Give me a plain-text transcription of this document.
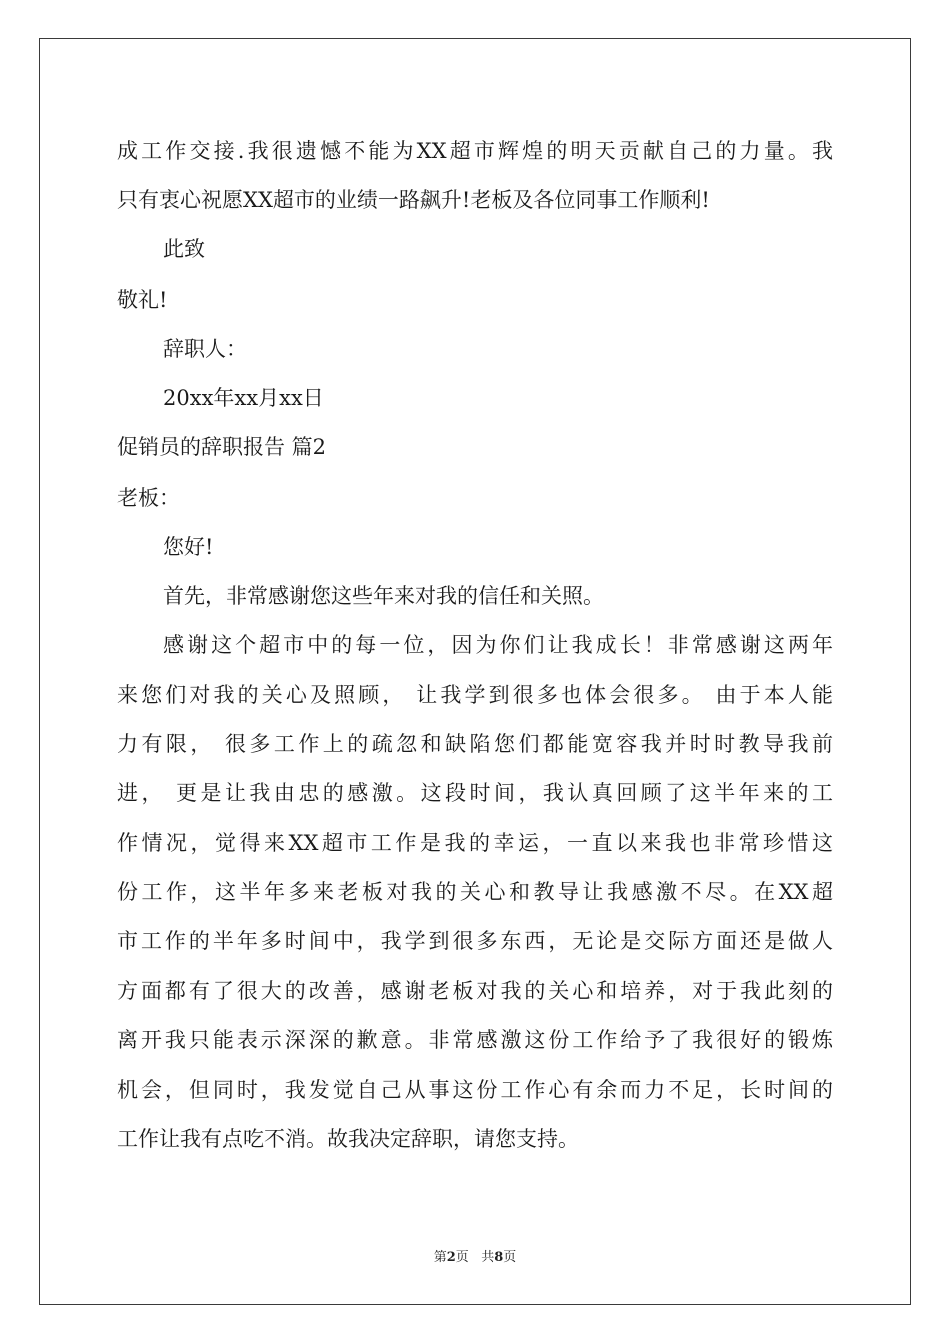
成工作交接.我很遗憾不能为XX超市辉煌的明天贡献自己的力量。我

只有衷心祝愿XX超市的业绩一路飙升!老板及各位同事工作顺利!

此致

敬礼!

辞职人：

20xx年xx月xx日

促销员的辞职报告 篇2

老板：

您好!

首先，非常感谢您这些年来对我的信任和关照。

感谢这个超市中的每一位，因为你们让我成长！非常感谢这两年

来您们对我的关心及照顾， 让我学到很多也体会很多。 由于本人能

力有限， 很多工作上的疏忽和缺陷您们都能宽容我并时时教导我前

进， 更是让我由忠的感激。这段时间，我认真回顾了这半年来的工

作情况，觉得来XX超市工作是我的幸运，一直以来我也非常珍惜这

份工作，这半年多来老板对我的关心和教导让我感激不尽。在XX超

市工作的半年多时间中，我学到很多东西，无论是交际方面还是做人

方面都有了很大的改善，感谢老板对我的关心和培养，对于我此刻的

离开我只能表示深深的歉意。非常感激这份工作给予了我很好的锻炼

机会，但同时，我发觉自己从事这份工作心有余而力不足，长时间的

工作让我有点吃不消。故我决定辞职，请您支持。

第2页 共8页
